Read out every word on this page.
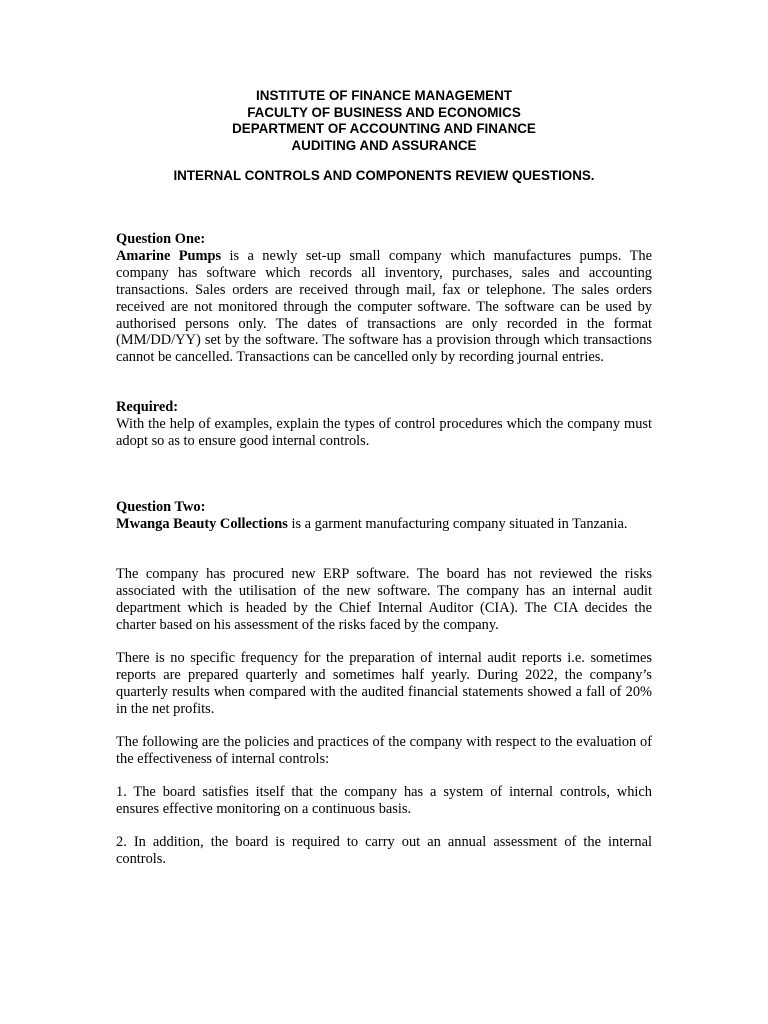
INSTITUTE OF FINANCE MANAGEMENT
FACULTY OF BUSINESS AND ECONOMICS
DEPARTMENT OF ACCOUNTING AND FINANCE
AUDITING AND ASSURANCE
INTERNAL CONTROLS AND COMPONENTS REVIEW QUESTIONS.

Question One:

Amarine Pumps is a newly set-up small company which manufactures pumps. The company has software which records all inventory, purchases, sales and accounting transactions. Sales orders are received through mail, fax or telephone. The sales orders received are not monitored through the computer software. The software can be used by authorised persons only. The dates of transactions are only recorded in the format (MM/DD/YY) set by the software. The software has a provision through which transactions cannot be cancelled. Transactions can be cancelled only by recording journal entries.

Required:

With the help of examples, explain the types of control procedures which the company must adopt so as to ensure good internal controls.

Question Two:

Mwanga Beauty Collections is a garment manufacturing company situated in Tanzania.

The company has procured new ERP software. The board has not reviewed the risks associated with the utilisation of the new software. The company has an internal audit department which is headed by the Chief Internal Auditor (CIA). The CIA decides the charter based on his assessment of the risks faced by the company.
There is no specific frequency for the preparation of internal audit reports i.e. sometimes reports are prepared quarterly and sometimes half yearly. During 2022, the company’s quarterly results when compared with the audited financial statements showed a fall of 20% in the net profits.
The following are the policies and practices of the company with respect to the evaluation of the effectiveness of internal controls:
1. The board satisfies itself that the company has a system of internal controls, which ensures effective monitoring on a continuous basis.
2. In addition, the board is required to carry out an annual assessment of the internal controls.
